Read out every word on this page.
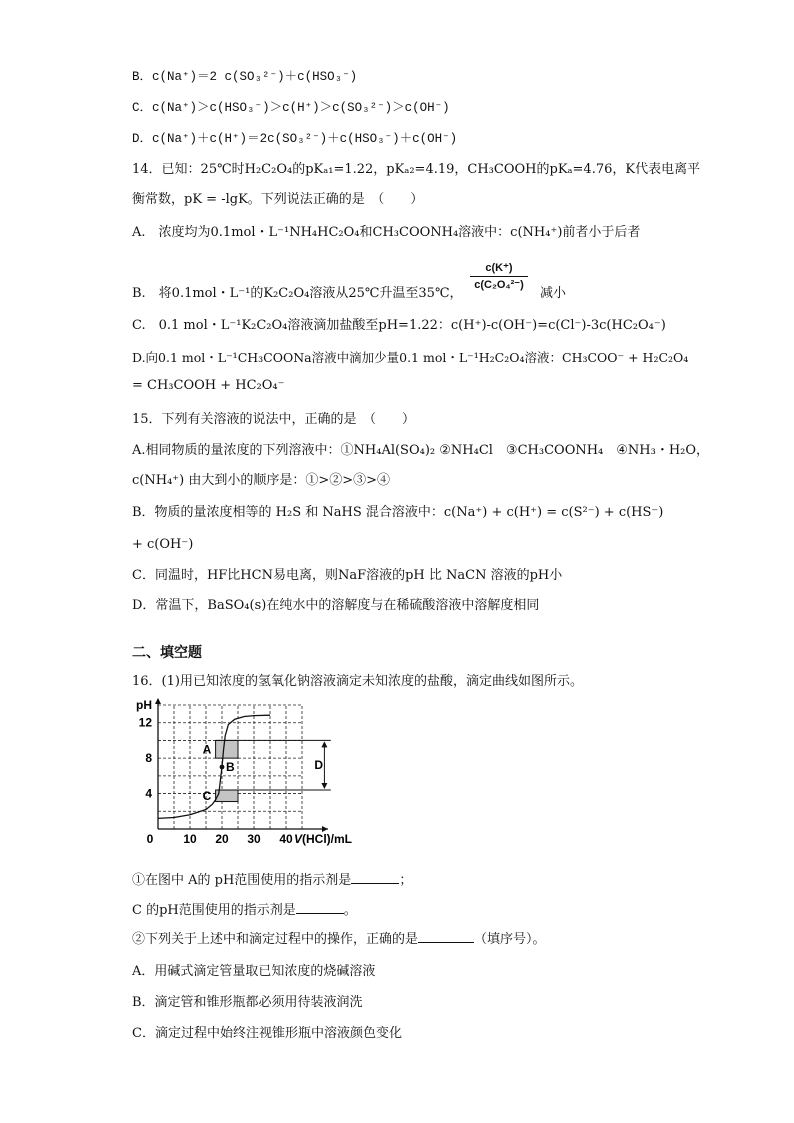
B．c(Na⁺)＝2 c(SO₃²⁻)＋c(HSO₃⁻)
C．c(Na⁺)＞c(HSO₃⁻)＞c(H⁺)＞c(SO₃²⁻)＞c(OH⁻)
D．c(Na⁺)＋c(H⁺)＝2c(SO₃²⁻)＋c(HSO₃⁻)＋c(OH⁻)
14．已知：25℃时H₂C₂O₄的pKₐ₁=1.22，pKₐ₂=4.19，CH₃COOH的pKₐ=4.76，K代表电离平
衡常数，pK = -lgK。下列说法正确的是　（　　）
A.　浓度均为0.1mol・L⁻¹NH₄HC₂O₄和CH₃COONH₄溶液中：c(NH₄⁺)前者小于后者
B.　将0.1mol・L⁻¹的K₂C₂O₄溶液从25℃升温至35℃，
c(K⁺)
c(C₂O₄²⁻)
减小
C.　0.1 mol・L⁻¹K₂C₂O₄溶液滴加盐酸至pH=1.22：c(H⁺)-c(OH⁻)=c(Cl⁻)-3c(HC₂O₄⁻)
D.向0.1 mol・L⁻¹CH₃COONa溶液中滴加少量0.1 mol・L⁻¹H₂C₂O₄溶液：CH₃COO⁻ + H₂C₂O₄
= CH₃COOH + HC₂O₄⁻
15．下列有关溶液的说法中，正确的是　（　　）
A.相同物质的量浓度的下列溶液中：①NH₄Al(SO₄)₂ ②NH₄Cl　③CH₃COONH₄　④NH₃・H₂O，
c(NH₄⁺) 由大到小的顺序是：①>②>③>④
B．物质的量浓度相等的 H₂S 和 NaHS 混合溶液中：c(Na⁺) + c(H⁺) = c(S²⁻) + c(HS⁻)
+ c(OH⁻)
C．同温时，HF比HCN易电离，则NaF溶液的pH 比 NaCN 溶液的pH小
D．常温下，BaSO₄(s)在纯水中的溶解度与在稀硫酸溶液中溶解度相同
二、填空题
16．(1)用已知浓度的氢氧化钠溶液滴定未知浓度的盐酸，滴定曲线如图所示。
pH
0 10 20 30 40
4
8
12
V(HCl)/mL
A
C
B	D
①在图中 A的 pH范围使用的指示剂是	；
C 的pH范围使用的指示剂是	。
②下列关于上述中和滴定过程中的操作，正确的是	（填序号）。
A．用碱式滴定管量取已知浓度的烧碱溶液
B．滴定管和锥形瓶都必须用待装液润洗
C．滴定过程中始终注视锥形瓶中溶液颜色变化
